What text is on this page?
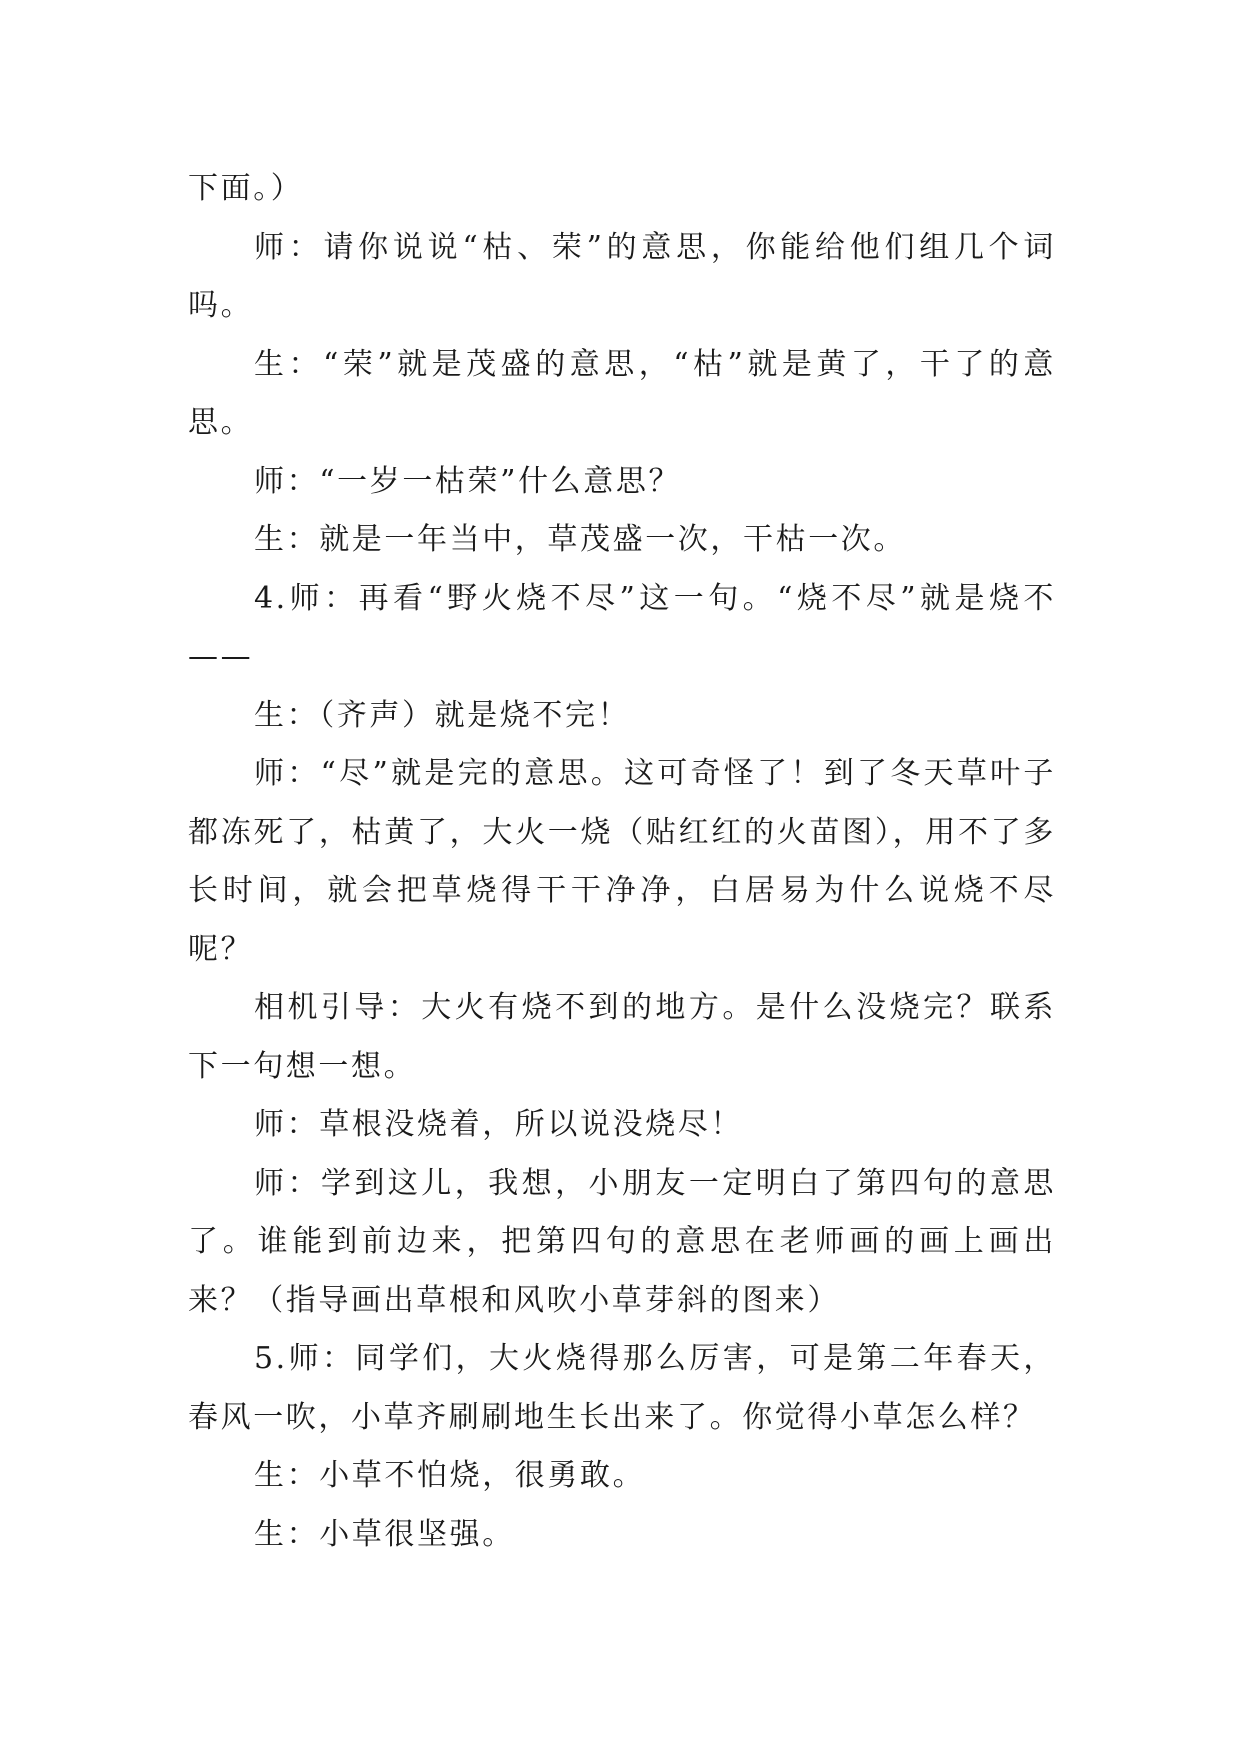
下面。）

师：请你说说“枯、荣”的意思，你能给他们组几个词吗。

生：“荣”就是茂盛的意思，“枯”就是黄了，干了的意思。

师：“一岁一枯荣”什么意思？

生：就是一年当中，草茂盛一次，干枯一次。

4.师：再看“野火烧不尽”这一句。“烧不尽”就是烧不——

生：（齐声）就是烧不完！

师：“尽”就是完的意思。这可奇怪了！到了冬天草叶子都冻死了，枯黄了，大火一烧（贴红红的火苗图），用不了多长时间，就会把草烧得干干净净，白居易为什么说烧不尽呢？

相机引导：大火有烧不到的地方。是什么没烧完？联系下一句想一想。

师：草根没烧着，所以说没烧尽！

师：学到这儿，我想，小朋友一定明白了第四句的意思了。谁能到前边来，把第四句的意思在老师画的画上画出来？（指导画出草根和风吹小草芽斜的图来）

5.师：同学们，大火烧得那么厉害，可是第二年春天，春风一吹，小草齐刷刷地生长出来了。你觉得小草怎么样？

生：小草不怕烧，很勇敢。

生：小草很坚强。
